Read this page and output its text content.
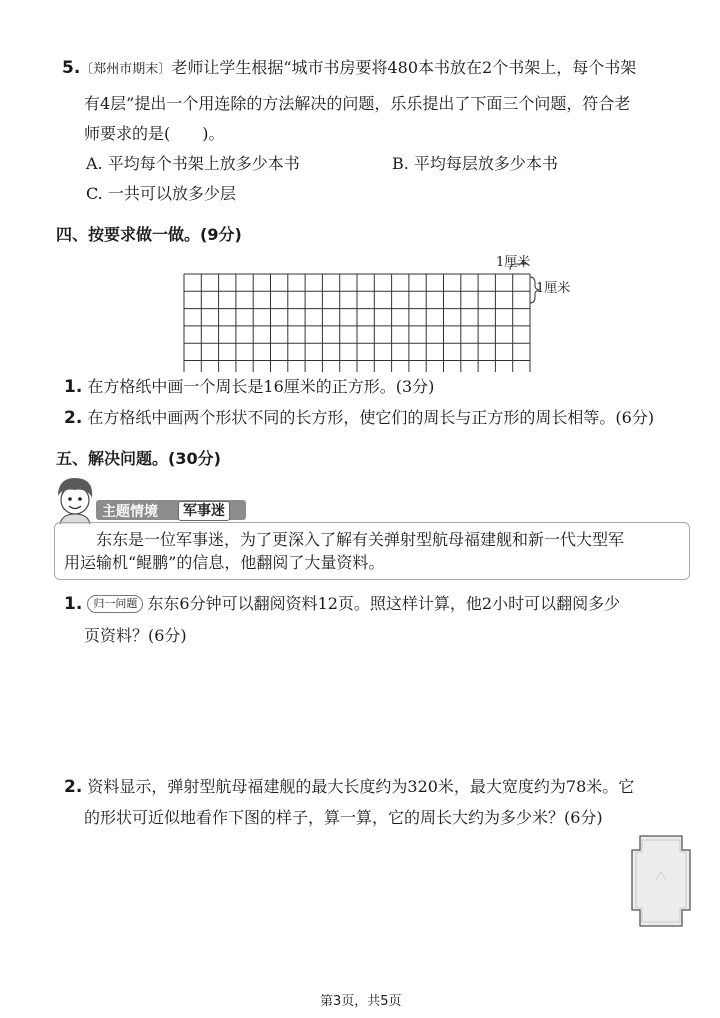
5.〔郑州市期末〕老师让学生根据“城市书房要将480本书放在2个书架上，每个书架
有4层”提出一个用连除的方法解决的问题，乐乐提出了下面三个问题，符合老
师要求的是(　　)。
A. 平均每个书架上放多少本书	B. 平均每层放多少本书
C. 一共可以放多少层
四、按要求做一做。(9分)
1厘米
1厘米
1. 在方格纸中画一个周长是16厘米的正方形。(3分)
2. 在方格纸中画两个形状不同的长方形，使它们的周长与正方形的周长相等。(6分)
五、解决问题。(30分)
主题情境	军事迷
东东是一位军事迷，为了更深入了解有关弹射型航母福建舰和新一代大型军
用运输机“鲲鹏”的信息，他翻阅了大量资料。
1. 归一问题 东东6分钟可以翻阅资料12页。照这样计算，他2小时可以翻阅多少
页资料？(6分)
2. 资料显示，弹射型航母福建舰的最大长度约为320米，最大宽度约为78米。它
的形状可近似地看作下图的样子，算一算，它的周长大约为多少米？(6分)
第3页，共5页
